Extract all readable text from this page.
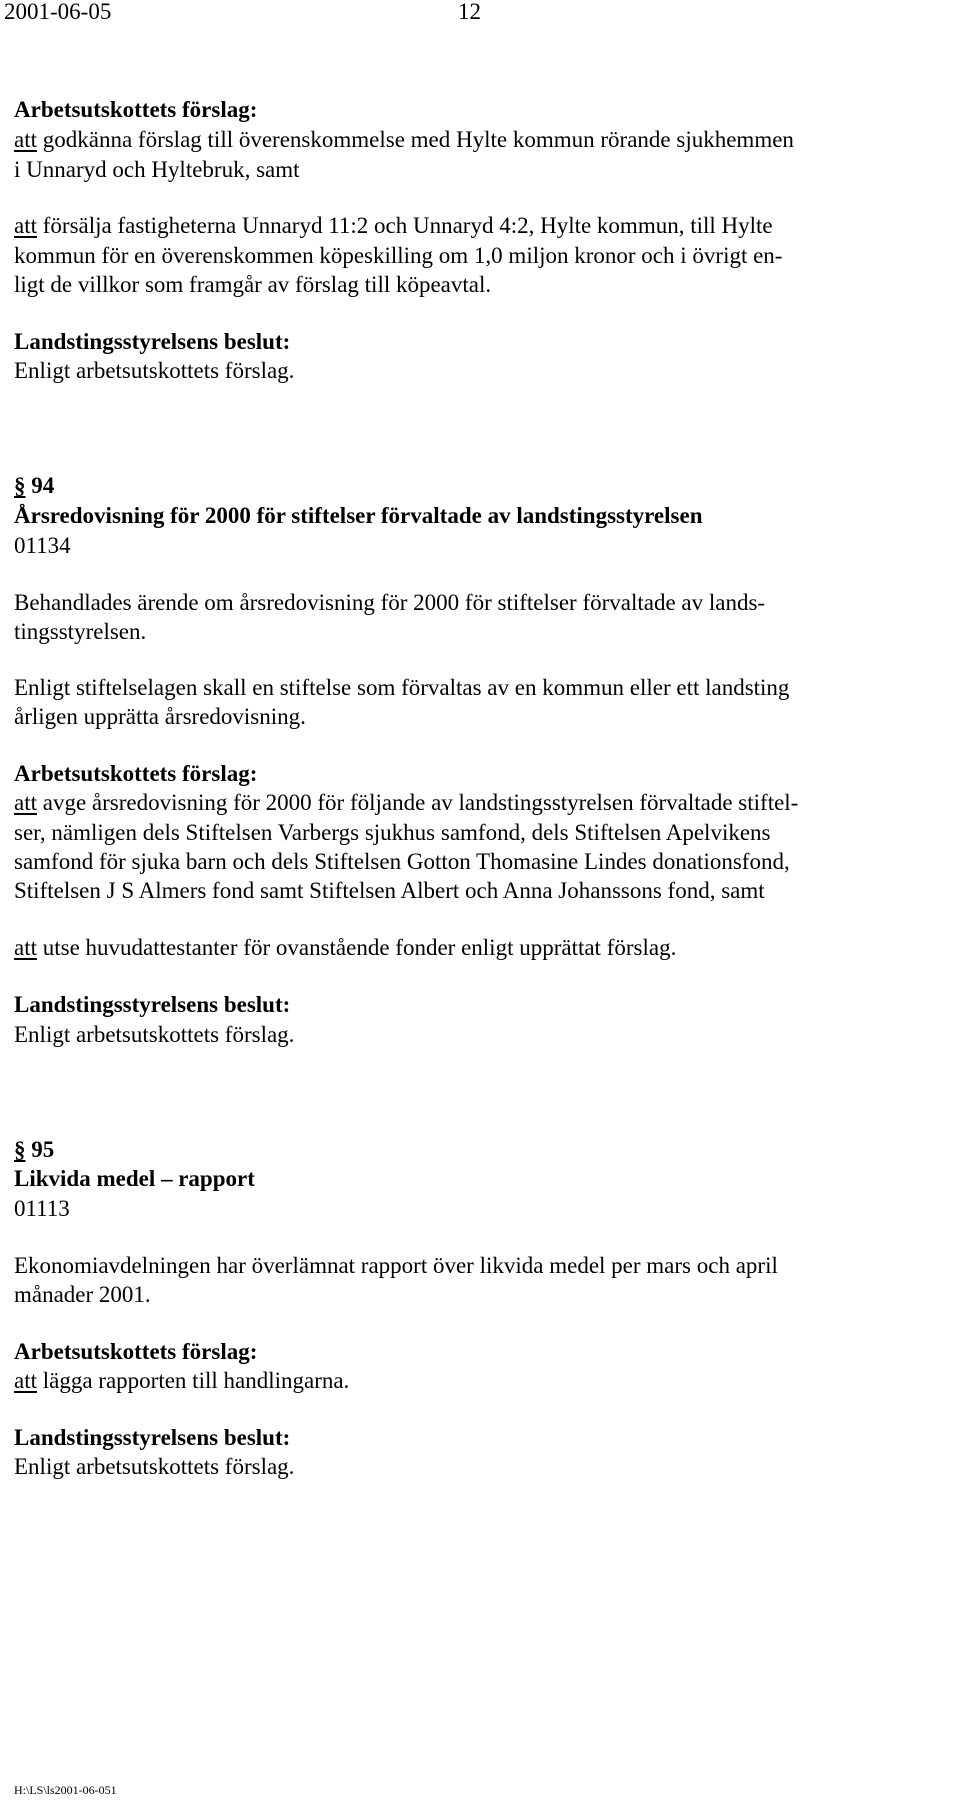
2001-06-05	12
Arbetsutskottets förslag:
att godkänna förslag till överenskommelse med Hylte kommun rörande sjukhemmen
i Unnaryd och Hyltebruk, samt
att försälja fastigheterna Unnaryd 11:2 och Unnaryd 4:2, Hylte kommun, till Hylte
kommun för en överenskommen köpeskilling om 1,0 miljon kronor och i övrigt en-
ligt de villkor som framgår av förslag till köpeavtal.
Landstingsstyrelsens beslut:
Enligt arbetsutskottets förslag.
§ 94
Årsredovisning för 2000 för stiftelser förvaltade av landstingsstyrelsen
01134
Behandlades ärende om årsredovisning för 2000 för stiftelser förvaltade av lands-
tingsstyrelsen.
Enligt stiftelselagen skall en stiftelse som förvaltas av en kommun eller ett landsting
årligen upprätta årsredovisning.
Arbetsutskottets förslag:
att avge årsredovisning för 2000 för följande av landstingsstyrelsen förvaltade stiftel-
ser, nämligen dels Stiftelsen Varbergs sjukhus samfond, dels Stiftelsen Apelvikens
samfond för sjuka barn och dels Stiftelsen Gotton Thomasine Lindes donationsfond,
Stiftelsen J S Almers fond samt Stiftelsen Albert och Anna Johanssons fond, samt
att utse huvudattestanter för ovanstående fonder enligt upprättat förslag.
Landstingsstyrelsens beslut:
Enligt arbetsutskottets förslag.
§ 95
Likvida medel – rapport
01113
Ekonomiavdelningen har överlämnat rapport över likvida medel per mars och april
månader 2001.
Arbetsutskottets förslag:
att lägga rapporten till handlingarna.
Landstingsstyrelsens beslut:
Enligt arbetsutskottets förslag.
H:\LS\ls2001-06-051
